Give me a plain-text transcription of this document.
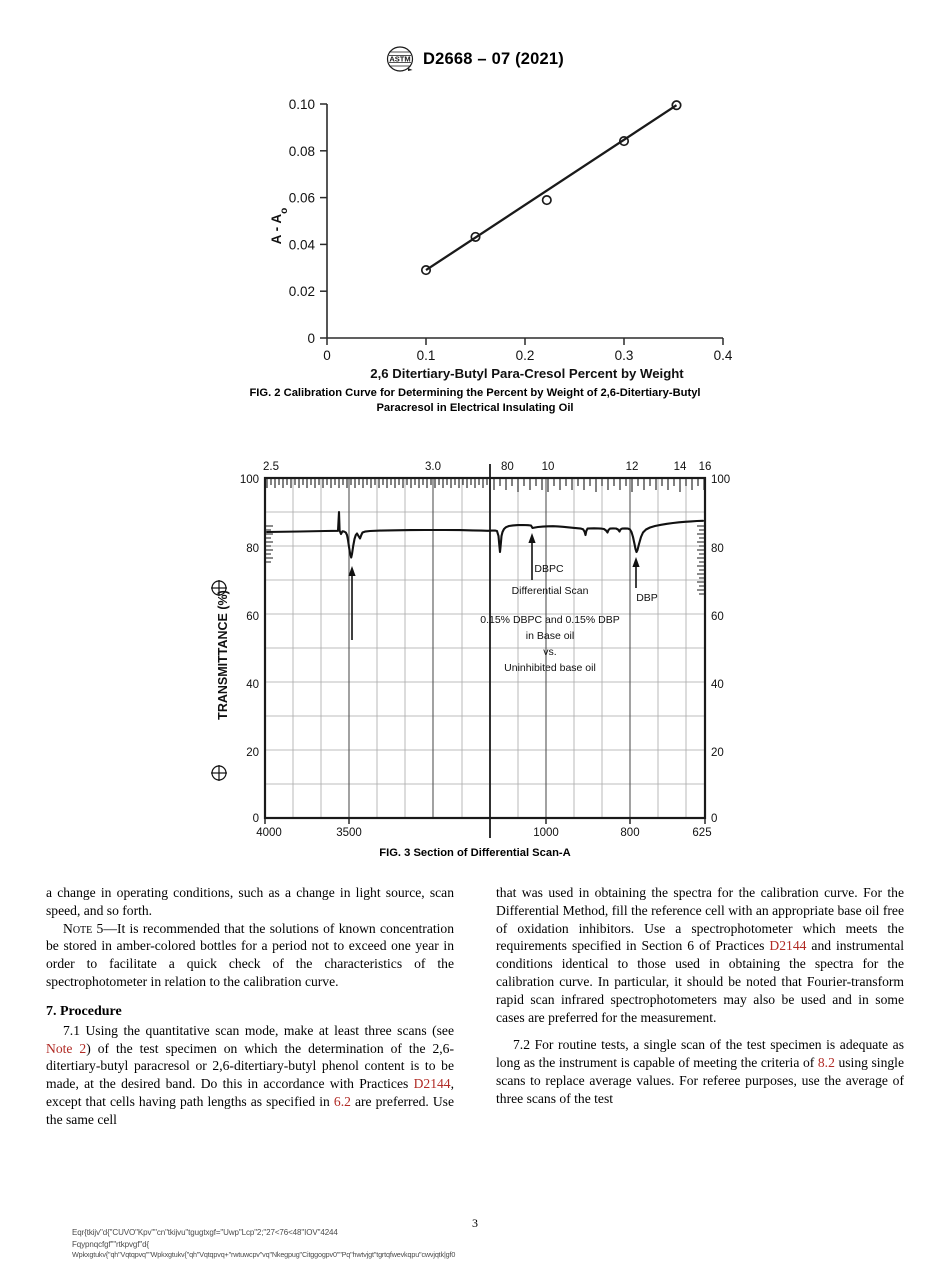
ASTM D2668 – 07 (2021)
0.10
0.08
0.06
0.04
0.02
0
0	0.1	0.2	0.3	0.4
A - $A_o$
2,6 Ditertiary-Butyl Para-Cresol Percent by Weight
FIG. 2 Calibration Curve for Determining the Percent by Weight of 2,6-Ditertiary-Butyl
Paracresol in Electrical Insulating Oil
2.5	3.0	80 10	12	14 16
100
80
60
40
20
0
100
80
60
40
20
0
DBPC
DBP
Differential Scan
0.15% DBPC and 0.15% DBP
in Base oil
vs.
Uninhibited base oil
4000	3500	1000	800	625
TRANSMITTANCE (%)
FIG. 3 Section of Differential Scan-A

a change in operating conditions, such as a change in light source, scan speed, and so forth.

Note 5—It is recommended that the solutions of known concentration be stored in amber-colored bottles for a period not to exceed one year in order to facilitate a quick check of the characteristics of the spectrophotometer in relation to the calibration curve.

7. Procedure

7.1 Using the quantitative scan mode, make at least three scans (see Note 2) of the test specimen on which the determination of the 2,6-ditertiary-butyl paracresol or 2,6-ditertiary-butyl phenol content is to be made, at the desired band. Do this in accordance with Practices D2144, except that cells having path lengths as specified in 6.2 are preferred. Use the same cell

that was used in obtaining the spectra for the calibration curve. For the Differential Method, fill the reference cell with an appropriate base oil free of oxidation inhibitors. Use a spectrophotometer which meets the requirements specified in Section 6 of Practices D2144 and instrumental conditions identical to those used in obtaining the spectra for the calibration curve. In particular, it should be noted that Fourier-transform rapid scan infrared spectrophotometers may also be used and in some cases are preferred for the measurement.

7.2 For routine tests, a single scan of the test specimen is adequate as long as the instrument is capable of meeting the criteria of 8.2 using single scans to replace average values. For referee purposes, use the average of three scans of the test

3
Eqr{tkijv"d{"CUVO"Kpv""cn"tkijvu"tgugtxgf="Uwp"Lcp"2;"27<76<48"IOV"4244
Fqypnqcfgf""rtkpvgf"d{
Wpkxgtukv{"qh"Vqtqpvq""Wpkxgtukv{"qh"Vqtqpvq+"rwtuwcpv"vq"Nkegpug"Citggogpv0""Pq"hwtvjgt"tgrtqfwevkqpu"cwvjqtk|gf0
